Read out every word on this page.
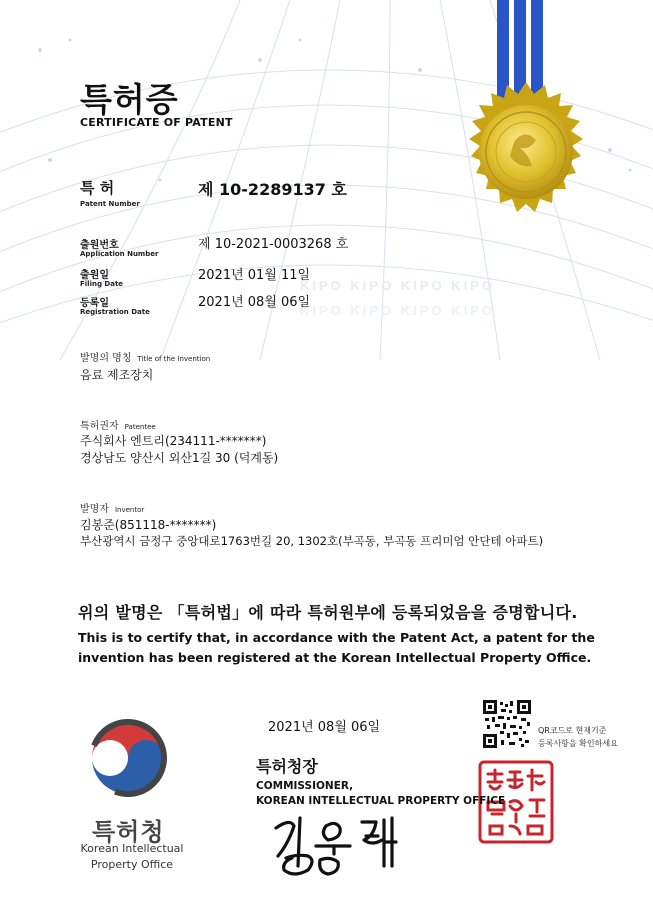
KIPO KIPO KIPO KIPO
KIPO KIPO KIPO KIPO
특허증
CERTIFICATE OF PATENT
특 허
Patent Number
제 10-2289137 호
출원번호
Application Number
제 10-2021-0003268 호
출원일
Filing Date
2021년 01월 11일
등록일
Registration Date
2021년 08월 06일
발명의 명칭 Title of the Invention
음료 제조장치
특허권자 Patentee
주식회사 엔트리(234111-*******)
경상남도 양산시 외산1길 30 (덕계동)
발명자 Inventor
김봉준(851118-*******)
부산광역시 금정구 중앙대로1763번길 20, 1302호(부곡동, 부곡동 프리미엄 안단테 아파트)
위의 발명은 「특허법」에 따라 특허원부에 등록되었음을 증명합니다.
This is to certify that, in accordance with the Patent Act, a patent for the
invention has been registered at the Korean Intellectual Property Office.
2021년 08월 06일	QR코드로 현재기준
등록사항을 확인하세요
특허청장
COMMISSIONER,
KOREAN INTELLECTUAL PROPERTY OFFICE
특허청
Korean Intellectual
Property Office
